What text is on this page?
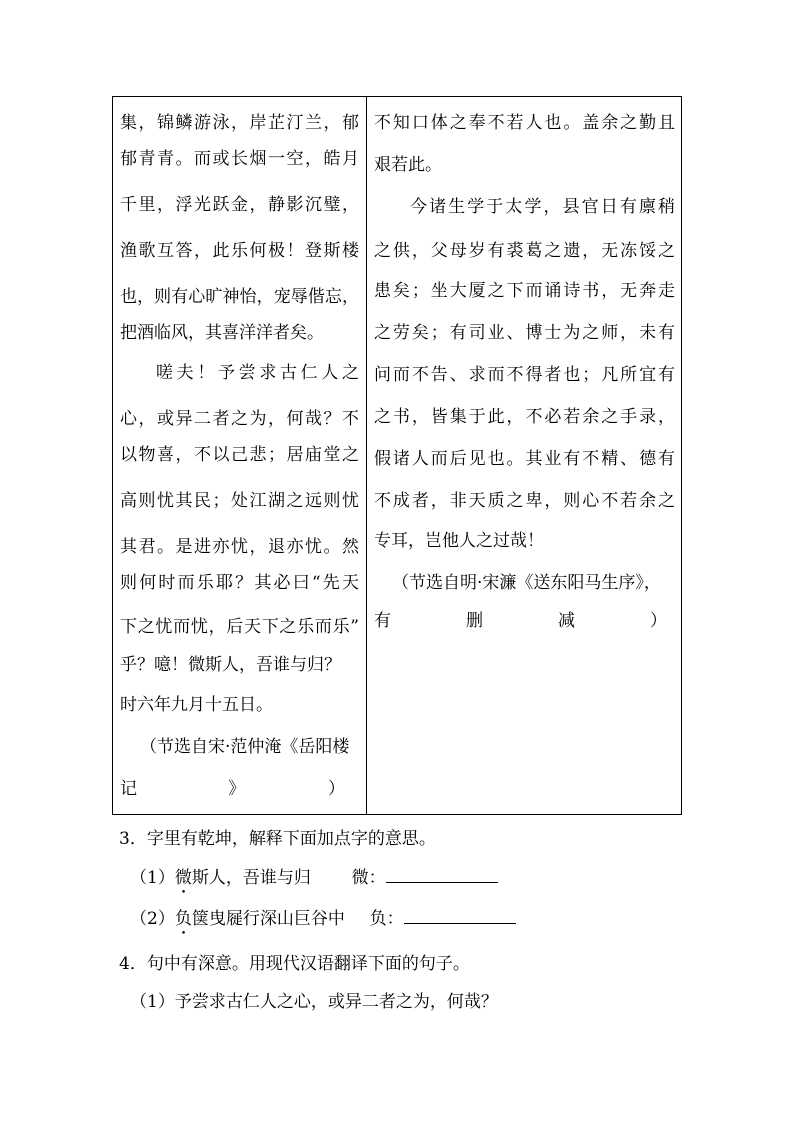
集，锦鳞游泳，岸芷汀兰，郁
郁青青。而或长烟一空，皓月
千里，浮光跃金，静影沉璧，
渔歌互答，此乐何极！登斯楼
也，则有心旷神怡，宠辱偕忘，
把酒临风，其喜洋洋者矣。
嗟夫！予尝求古仁人之
心，或异二者之为，何哉？不
以物喜，不以己悲；居庙堂之
高则忧其民；处江湖之远则忧
其君。是进亦忧，退亦忧。然
则何时而乐耶？其必曰“先天
下之忧而忧，后天下之乐而乐”
乎？噫！微斯人，吾谁与归？
时六年九月十五日。
（节选自宋·范仲淹《岳阳楼
记》）
不知口体之奉不若人也。盖余之勤且
艰若此。
今诸生学于太学，县官日有廪稍
之供，父母岁有裘葛之遗，无冻馁之
患矣；坐大厦之下而诵诗书，无奔走
之劳矣；有司业、博士为之师，未有
问而不告、求而不得者也；凡所宜有
之书，皆集于此，不必若余之手录，
假诸人而后见也。其业有不精、德有
不成者，非天质之卑，则心不若余之
专耳，岂他人之过哉！
（节选自明·宋濂《送东阳马生序》，
有删减）
3．字里有乾坤，解释下面加点字的意思。
（1）微斯人，吾谁与归 微：
（2）负箧曳屣行深山巨谷中 负：
4．句中有深意。用现代汉语翻译下面的句子。
（1）予尝求古仁人之心，或异二者之为，何哉？
